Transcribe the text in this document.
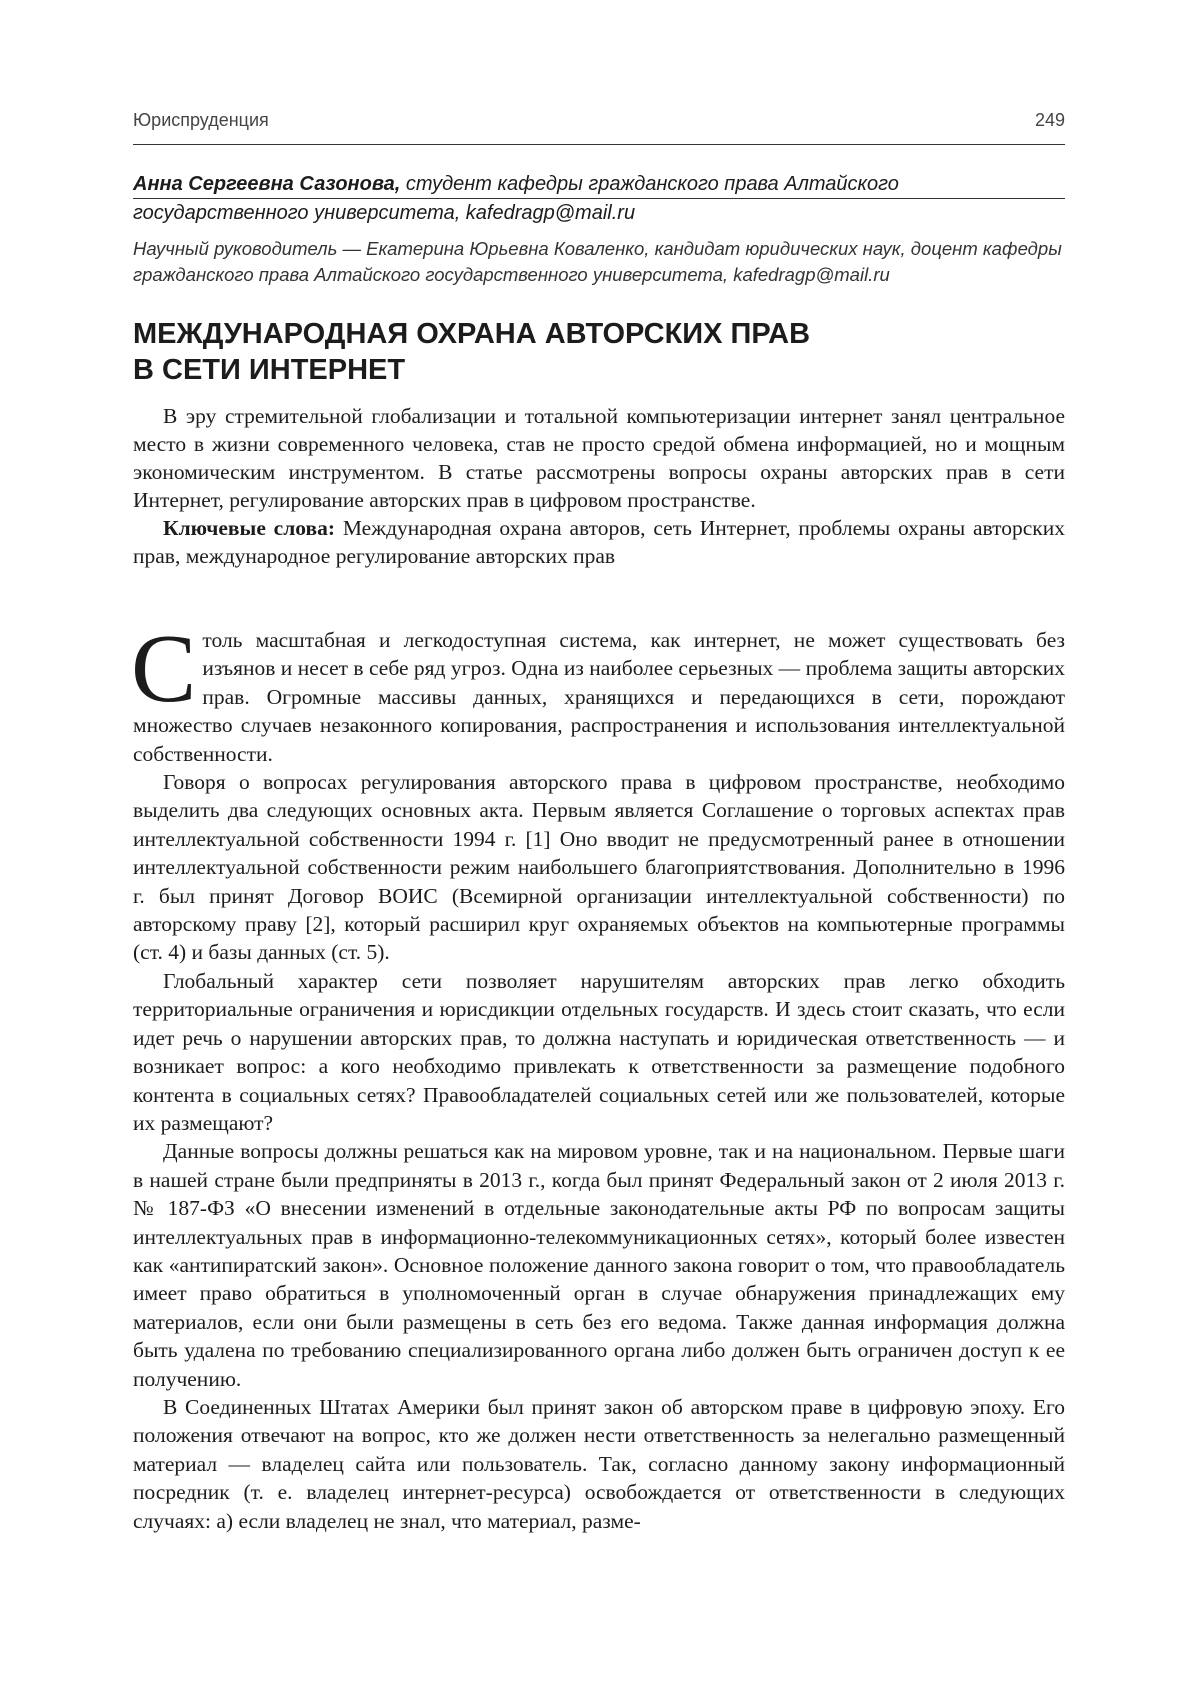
Юриспруденция	249
Анна Сергеевна Сазонова, студент кафедры гражданского права Алтайского
государственного университета, kafedragp@mail.ru
Научный руководитель — Екатерина Юрьевна Коваленко, кандидат юридических наук, доцент кафедры гражданского права Алтайского государственного университета, kafedragp@mail.ru
МЕЖДУНАРОДНАЯ ОХРАНА АВТОРСКИХ ПРАВ
В СЕТИ ИНТЕРНЕТ

В эру стремительной глобализации и тотальной компьютеризации интернет занял центральное место в жизни современного человека, став не просто средой обмена информацией, но и мощным экономическим инструментом. В статье рассмотрены вопросы охраны авторских прав в сети Интернет, регулирование авторских прав в цифровом пространстве.

Ключевые слова: Международная охрана авторов, сеть Интернет, проблемы охраны авторских прав, международное регулирование авторских прав

Столь масштабная и легкодоступная система, как интернет, не может существовать без изъянов и несет в себе ряд угроз. Одна из наиболее серьезных — проблема защиты авторских прав. Огромные массивы данных, хранящихся и передающихся в сети, порождают множество случаев незаконного копирования, распространения и использования интеллектуальной собственности.

Говоря о вопросах регулирования авторского права в цифровом пространстве, необходимо выделить два следующих основных акта. Первым является Соглашение о торговых аспектах прав интеллектуальной собственности 1994 г. [1] Оно вводит не предусмотренный ранее в отношении интеллектуальной собственности режим наибольшего благоприятствования. Дополнительно в 1996 г. был принят Договор ВОИС (Всемирной организации интеллектуальной собственности) по авторскому праву [2], который расширил круг охраняемых объектов на компьютерные программы (ст. 4) и базы данных (ст. 5).

Глобальный характер сети позволяет нарушителям авторских прав легко обходить территориальные ограничения и юрисдикции отдельных государств. И здесь стоит сказать, что если идет речь о нарушении авторских прав, то должна наступать и юридическая ответственность — и возникает вопрос: а кого необходимо привлекать к ответственности за размещение подобного контента в социальных сетях? Правообладателей социальных сетей или же пользователей, которые их размещают?

Данные вопросы должны решаться как на мировом уровне, так и на национальном. Первые шаги в нашей стране были предприняты в 2013 г., когда был принят Федеральный закон от 2 июля 2013 г. № 187-ФЗ «О внесении изменений в отдельные законодательные акты РФ по вопросам защиты интеллектуальных прав в информационно-телекоммуникационных сетях», который более известен как «антипиратский закон». Основное положение данного закона говорит о том, что правообладатель имеет право обратиться в уполномоченный орган в случае обнаружения принадлежащих ему материалов, если они были размещены в сеть без его ведома. Также данная информация должна быть удалена по требованию специализированного органа либо должен быть ограничен доступ к ее получению.

В Соединенных Штатах Америки был принят закон об авторском праве в цифровую эпоху. Его положения отвечают на вопрос, кто же должен нести ответственность за нелегально размещенный материал — владелец сайта или пользователь. Так, согласно данному закону информационный посредник (т. е. владелец интернет-ресурса) освобождается от ответственности в следующих случаях: а) если владелец не знал, что материал, разме-
